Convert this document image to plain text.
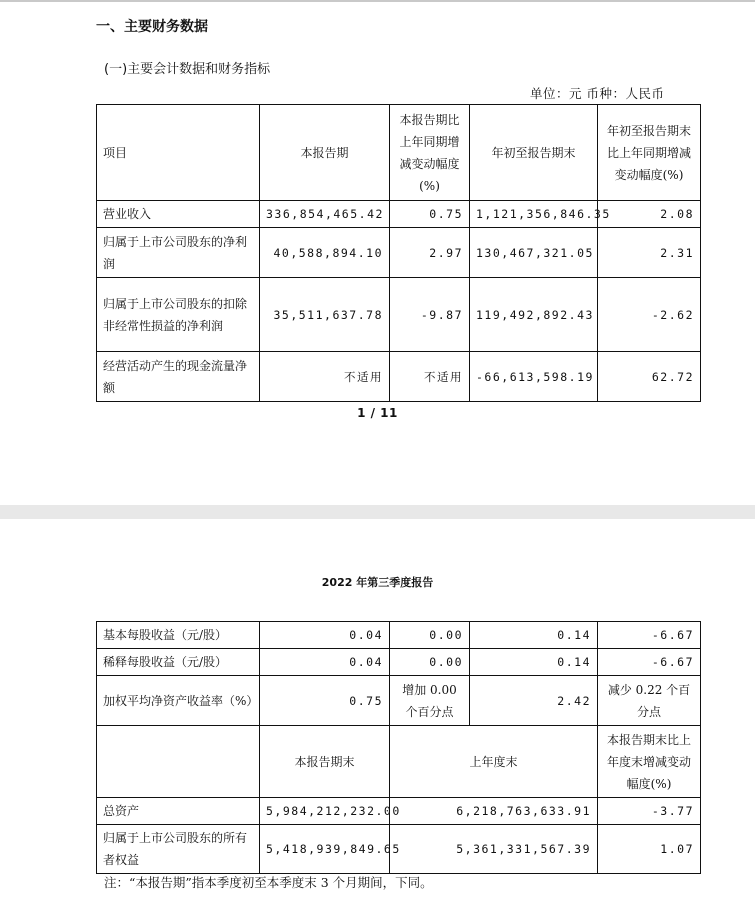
一、主要财务数据
(一)主要会计数据和财务指标
单位：元 币种：人民币
项目	本报告期	本报告期比上年同期增减变动幅度(%)	年初至报告期末	年初至报告期末比上年同期增减变动幅度(%)
营业收入	336,854,465.42	0.75	1,121,356,846.35	2.08
归属于上市公司股东的净利润	40,588,894.10	2.97	130,467,321.05	2.31
归属于上市公司股东的扣除非经常性损益的净利润	35,511,637.78	-9.87	119,492,892.43	-2.62
经营活动产生的现金流量净额	不适用	不适用	-66,613,598.19	62.72
1 / 11
2022 年第三季度报告
基本每股收益（元/股）	0.04	0.00	0.14	-6.67
稀释每股收益（元/股）	0.04	0.00	0.14	-6.67
加权平均净资产收益率（%）	0.75	增加 0.00 个百分点	2.42	减少 0.22 个百分点
	本报告期末	上年度末		本报告期末比上年度末增减变动幅度(%)
总资产	5,984,212,232.00	6,218,763,633.91		-3.77
归属于上市公司股东的所有者权益	5,418,939,849.65	5,361,331,567.39		1.07
注：“本报告期”指本季度初至本季度末 3 个月期间，下同。
